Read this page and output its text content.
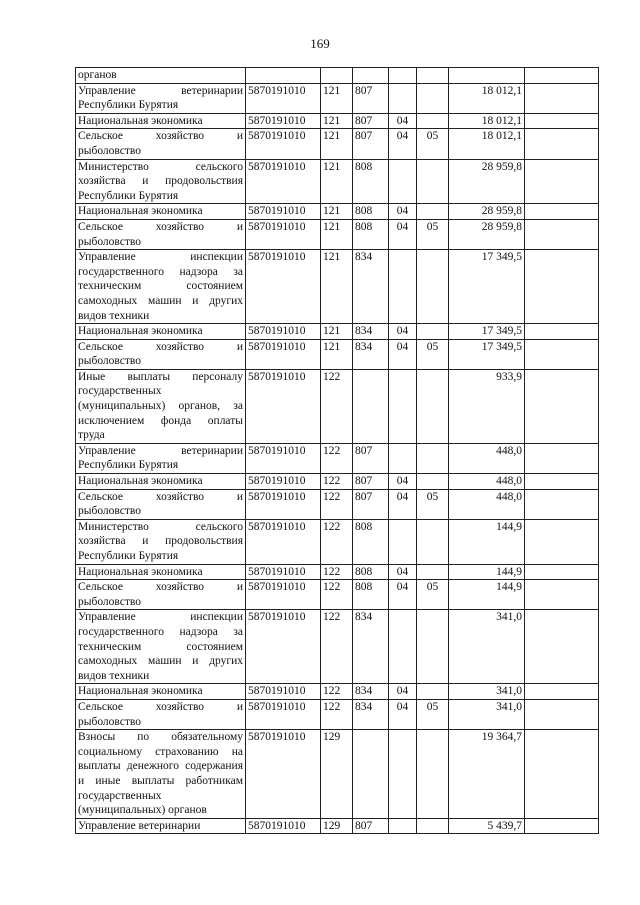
169
органов							
Управление ветеринарии Республики Бурятия	5870191010	121	807			18 012,1	
Национальная экономика	5870191010	121	807	04		18 012,1	
Сельское хозяйство и рыболовство	5870191010	121	807	04	05	18 012,1	
Министерство сельского хозяйства и продовольствия Республики Бурятия	5870191010	121	808			28 959,8	
Национальная экономика	5870191010	121	808	04		28 959,8	
Сельское хозяйство и рыболовство	5870191010	121	808	04	05	28 959,8	
Управление инспекции государственного надзора за техническим состоянием самоходных машин и других видов техники	5870191010	121	834			17 349,5	
Национальная экономика	5870191010	121	834	04		17 349,5	
Сельское хозяйство и рыболовство	5870191010	121	834	04	05	17 349,5	
Иные выплаты персоналу государственных (муниципальных) органов, за исключением фонда оплаты труда	5870191010	122				933,9	
Управление ветеринарии Республики Бурятия	5870191010	122	807			448,0	
Национальная экономика	5870191010	122	807	04		448,0	
Сельское хозяйство и рыболовство	5870191010	122	807	04	05	448,0	
Министерство сельского хозяйства и продовольствия Республики Бурятия	5870191010	122	808			144,9	
Национальная экономика	5870191010	122	808	04		144,9	
Сельское хозяйство и рыболовство	5870191010	122	808	04	05	144,9	
Управление инспекции государственного надзора за техническим состоянием самоходных машин и других видов техники	5870191010	122	834			341,0	
Национальная экономика	5870191010	122	834	04		341,0	
Сельское хозяйство и рыболовство	5870191010	122	834	04	05	341,0	
Взносы по обязательному социальному страхованию на выплаты денежного содержания и иные выплаты работникам государственных (муниципальных) органов	5870191010	129				19 364,7	
Управление ветеринарии	5870191010	129	807			5 439,7	
